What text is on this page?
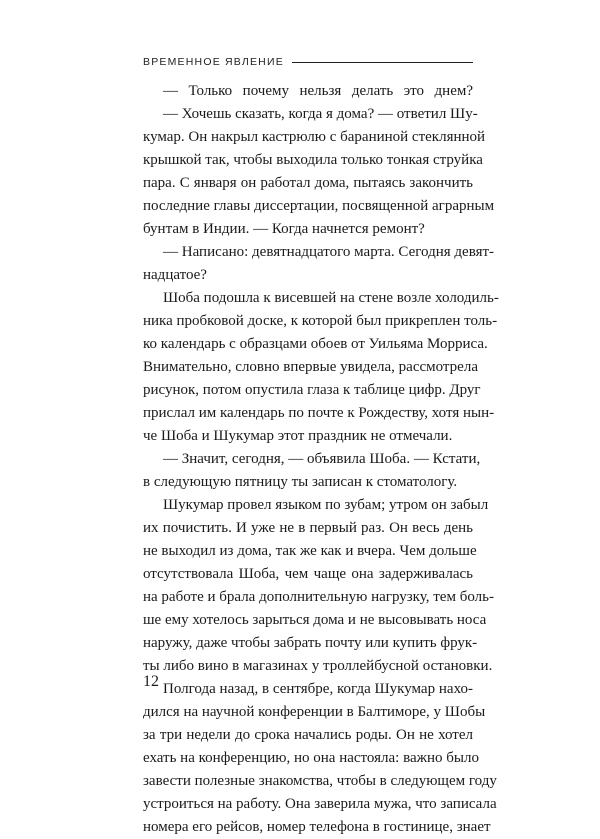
ВРЕМЕННОЕ ЯВЛЕНИЕ
— Только почему нельзя делать это днем?
— Хочешь сказать, когда я дома? — ответил Шу-
кумар. Он накрыл кастрюлю с бараниной стеклянной
крышкой так, чтобы выходила только тонкая струйка
пара. С января он работал дома, пытаясь закончить
последние главы диссертации, посвященной аграрным
бунтам в Индии. — Когда начнется ремонт?
— Написано: девятнадцатого марта. Сегодня девят-
надцатое?
Шоба подошла к висевшей на стене возле холодиль-
ника пробковой доске, к которой был прикреплен толь-
ко календарь с образцами обоев от Уильяма Морриса.
Внимательно, словно впервые увидела, рассмотрела
рисунок, потом опустила глаза к таблице цифр. Друг
прислал им календарь по почте к Рождеству, хотя нын-
че Шоба и Шукумар этот праздник не отмечали.
— Значит, сегодня, — объявила Шоба. — Кстати,
в следующую пятницу ты записан к стоматологу.
Шукумар провел языком по зубам; утром он забыл
их почистить. И уже не в первый раз. Он весь день
не выходил из дома, так же как и вчера. Чем дольше
отсутствовала Шоба, чем чаще она задерживалась
на работе и брала дополнительную нагрузку, тем боль-
ше ему хотелось зарыться дома и не высовывать носа
наружу, даже чтобы забрать почту или купить фрук-
ты либо вино в магазинах у троллейбусной остановки.
Полгода назад, в сентябре, когда Шукумар нахо-
дился на научной конференции в Балтиморе, у Шобы
за три недели до срока начались роды. Он не хотел
ехать на конференцию, но она настояла: важно было
завести полезные знакомства, чтобы в следующем году
устроиться на работу. Она заверила мужа, что записала
номера его рейсов, номер телефона в гостинице, знает
12
